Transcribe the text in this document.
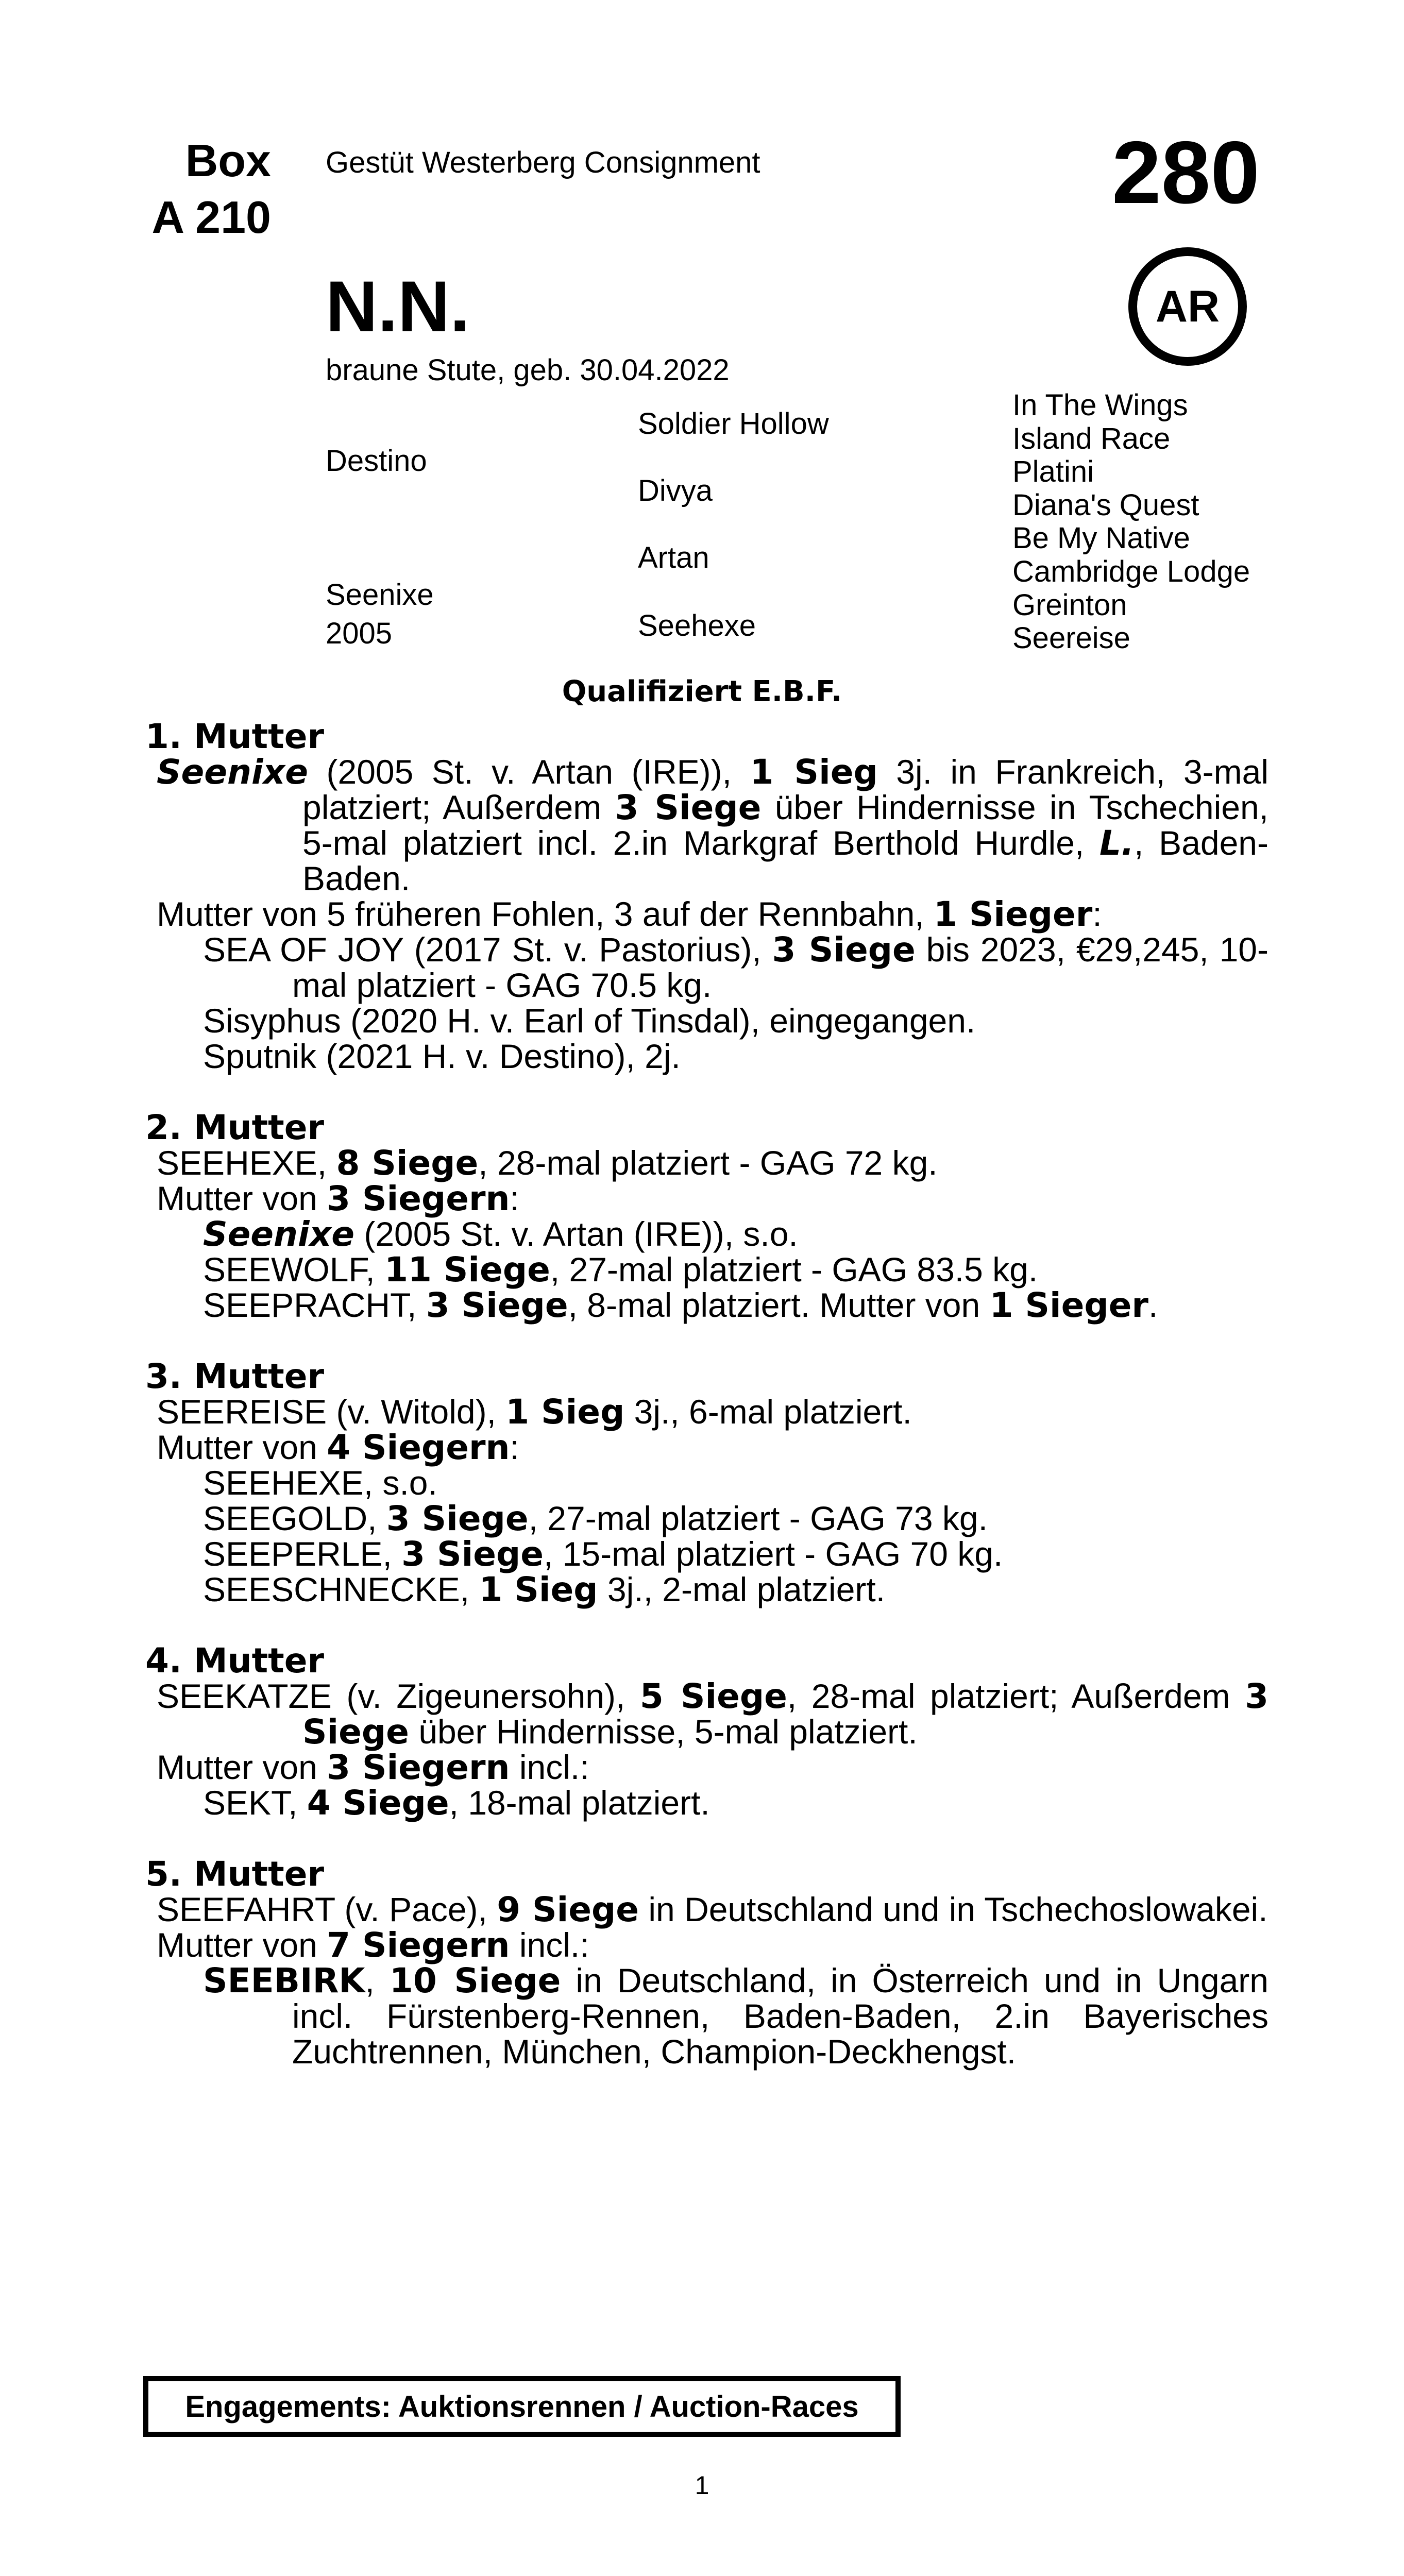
Box
A 210
Gestüt Westerberg Consignment	280
AR
N.N.
braune Stute, geb. 30.04.2022
Destino
Seenixe
2005
Soldier Hollow
Divya
Artan
Seehexe
In The Wings
Island Race
Platini
Diana's Quest
Be My Native
Cambridge Lodge
Greinton
Seereise
Qualifiziert E.B.F.
1. Mutter
Seenixe (2005 St. v. Artan (IRE)), 1 Sieg 3j. in Frankreich, 3-mal platziert; Außerdem 3 Siege über Hindernisse in Tschechien, 5-mal platziert incl. 2.in Markgraf Berthold Hurdle, L., Baden-Baden.
Mutter von 5 früheren Fohlen, 3 auf der Rennbahn, 1 Sieger:
SEA OF JOY (2017 St. v. Pastorius), 3 Siege bis 2023, €29,245, 10-mal platziert - GAG 70.5 kg.
Sisyphus (2020 H. v. Earl of Tinsdal), eingegangen.
Sputnik (2021 H. v. Destino), 2j.
2. Mutter
SEEHEXE, 8 Siege, 28-mal platziert - GAG 72 kg.
Mutter von 3 Siegern:
Seenixe (2005 St. v. Artan (IRE)), s.o.
SEEWOLF, 11 Siege, 27-mal platziert - GAG 83.5 kg.
SEEPRACHT, 3 Siege, 8-mal platziert. Mutter von 1 Sieger.
3. Mutter
SEEREISE (v. Witold), 1 Sieg 3j., 6-mal platziert.
Mutter von 4 Siegern:
SEEHEXE, s.o.
SEEGOLD, 3 Siege, 27-mal platziert - GAG 73 kg.
SEEPERLE, 3 Siege, 15-mal platziert - GAG 70 kg.
SEESCHNECKE, 1 Sieg 3j., 2-mal platziert.
4. Mutter
SEEKATZE (v. Zigeunersohn), 5 Siege, 28-mal platziert; Außerdem 3 Siege über Hindernisse, 5-mal platziert.
Mutter von 3 Siegern incl.:
SEKT, 4 Siege, 18-mal platziert.
5. Mutter
SEEFAHRT (v. Pace), 9 Siege in Deutschland und in Tschechoslowakei.
Mutter von 7 Siegern incl.:
SEEBIRK, 10 Siege in Deutschland, in Österreich und in Ungarn incl. Fürstenberg-Rennen, Baden-Baden, 2.in Bayerisches Zuchtrennen, München, Champion-Deckhengst.
Engagements: Auktionsrennen / Auction-Races
1
